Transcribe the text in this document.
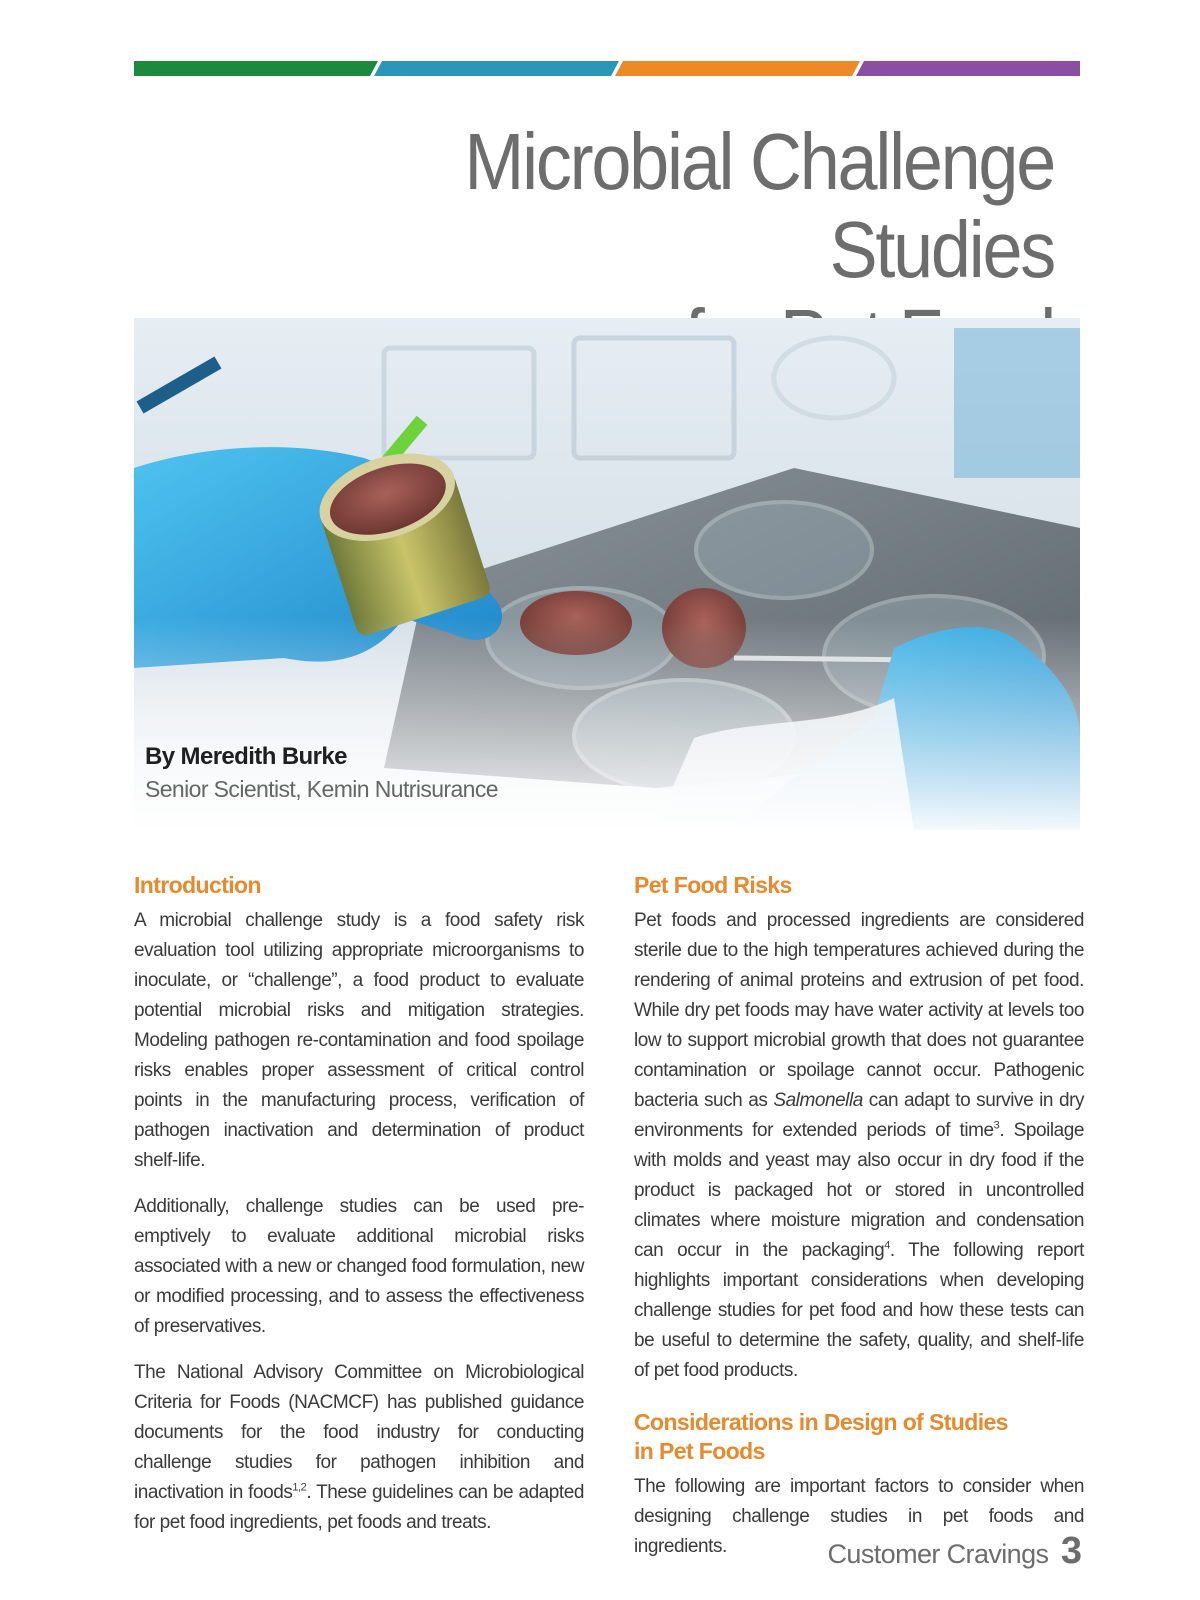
Microbial Challenge Studies
By Meredith Burke
Senior Scientist, Kemin Nutrisurance
Introduction

A microbial challenge study is a food safety risk evaluation tool utilizing appropriate microorganisms to inoculate, or “challenge”, a food product to evaluate potential microbial risks and mitigation strategies. Modeling pathogen re-contamination and food spoilage risks enables proper assessment of critical control points in the manufacturing process, verification of pathogen inactivation and determination of product shelf-life.

Additionally, challenge studies can be used pre-emptively to evaluate additional microbial risks associated with a new or changed food formulation, new or modified processing, and to assess the effectiveness of preservatives.

The National Advisory Committee on Microbiological Criteria for Foods (NACMCF) has published guidance documents for the food industry for conducting challenge studies for pathogen inhibition and inactivation in foods$^{1,2}$. These guidelines can be adapted for pet food ingredients, pet foods and treats.

Pet Food Risks

Pet foods and processed ingredients are considered sterile due to the high temperatures achieved during the rendering of animal proteins and extrusion of pet food. While dry pet foods may have water activity at levels too low to support microbial growth that does not guarantee contamination or spoilage cannot occur. Pathogenic bacteria such as Salmonella can adapt to survive in dry environments for extended periods of time$^3$. Spoilage with molds and yeast may also occur in dry food if the product is packaged hot or stored in uncontrolled climates where moisture migration and condensation can occur in the packaging$^4$. The following report highlights important considerations when developing challenge studies for pet food and how these tests can be useful to determine the safety, quality, and shelf-life of pet food products.

Considerations in Design of Studies
in Pet Foods

The following are important factors to consider when designing challenge studies in pet foods and ingredients.	Customer Cravings 3
